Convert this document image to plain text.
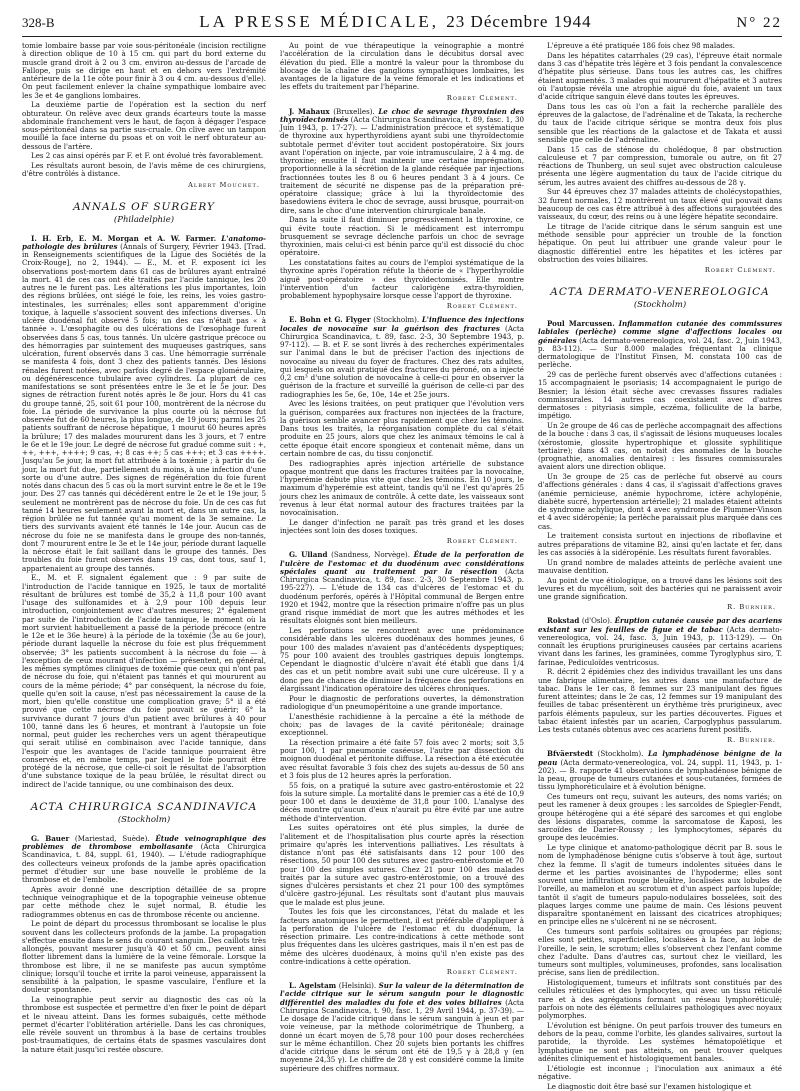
328-B	LA PRESSE MÉDICALE, 23 Décembre 1944	N° 22

tomie lombaire basse par voie sous-péritonéale (incision rectiligne à direction oblique de 10 à 15 cm. qui part du bord externe du muscle grand droit à 2 ou 3 cm. environ au-dessus de l'arcade de Fallope, puis se dirige en haut et en dehors vers l'extrémité antérieure de la 11e côte pour finir à 3 ou 4 cm. au-dessous d'elle). On peut facilement enlever la chaîne sympathique lombaire avec les 3e et 4e ganglions lombaires.

La deuxième partie de l'opération est la section du nerf obturateur. On relève avec deux grands écarteurs toute la masse abdominale franchement vers le haut, de façon à dégager l'espace sous-péritonéal dans sa partie sus-cruale. On clive avec un tampon mouillé la face interne du psoas et on voit le nerf obturateur au-dessous de l'artère.

Les 2 cas ainsi opérés par F. et F. ont évolué très favorablement.

Les résultats auront besoin, de l'avis même de ces chirurgiens, d'être contrôlés à distance.

Albert Mouchet.
ANNALS OF SURGERY
(Philadelphie)

I. H. Erb, E. M. Morgan et A. W. Farmer. L'anatomo-pathologie des brûlures (Annals of Surgery, Février 1943. [Trad. in Renseignements scientifiques de la Ligue des Sociétés de la Croix-Rouge], no 2, 1944). — E., M. et F. exposent ici les observations post-mortem dans 61 cas de brûlures ayant entraîné la mort. 41 de ces cas ont été traités par l'acide tannique, les 20 autres ne le furent pas. Les altérations les plus importantes, loin des régions brûlées, ont siégé le foie, les reins, les voies gastro-intestinales, les surrénales; elles sont apparemment d'origine toxique, à laquelle s'associent souvent des infections diverses. Un ulcère duodénal fut observé 5 fois; un des cas n'était pas « à tannée ». L'œsophagite ou des ulcérations de l'œsophage furent observées dans 5 cas, tous tannés. Un ulcère gastrique précoce ou des hémorragies par suintement des muqueuses gastriques, sans ulcération, furent observés dans 3 cas. Une hémorragie surrénale se manifesta 4 fois, dont 3 chez des patients tannés. Des lésions rénales furent notées, avec parfois degré de l'espace glomérulaire, ou dégénérescence tubulaire avec cylindres. La plupart de ces manifestations se sont présentées entre le 3e et le 5e jour. Des signes de rétraction furent notés après le 8e jour. Hors du 41 cas du groupe tanné, 25, soit 61 pour 100, montrèrent de la nécrose du foie. La période de survivance la plus courte où la nécrose fut observée fut de 60 heures, la plus longue, de 19 jours; parmi les 25 patients souffrant de nécrose hépatique, 1 mourut 60 heures après la brûlure; 17 des malades moururent dans les 3 jours, et 7 entre le 6e et le 19e jour. Le degré de nécrose fut gradué comme suit : +, ++, +++, ++++; 9 cas, +; 8 cas ++; 5 cas +++; et 3 cas ++++. Jusqu'au 5e jour, la mort fut attribuée à la toxémie ; à partir du 6e jour, la mort fut due, partiellement du moins, à une infection d'une sorte ou d'une autre. Des signes de régénération du foie furent notés dans chacun des 5 cas où la mort survint entre le 8e et le 19e jour. Des 27 cas tannés qui décédèrent entre le 2e et le 19e jour, 5 seulement ne montrèrent pas de nécrose du foie. Un de ces cas fut tanné 14 heures seulement avant la mort et, dans un autre cas, la région brûlée ne fut tannée qu'au moment de la 3e semaine. Le tiers des survivants avaient été tannés le 14e jour. Aucun cas de nécrose du foie ne se manifesta dans le groupe des non-tannés, dont 7 moururent entre le 3e et le 14e jour, période durant laquelle la nécrose était le fait saillant dans le groupe des tannés. Des troubles du foie furent observés dans 19 cas, dont tous, sauf 1, appartenaient au groupe des tannés.

E., M. et F. signalent également que : 9 par suite de l'introduction de l'acide tannique en 1925, le taux de mortalité résultant de brûlures est tombé de 35,2 à 11,8 pour 100 avant l'usage des sulfonamides et à 2,9 pour 100 depuis leur introduction, conjointement avec d'autres mesures; 2° également par suite de l'introduction de l'acide tannique, le moment où la mort survient habituellement a passé de la période précoce (entre le 12e et le 36e heure) à la période de la toxémie (3e au 6e jour), période durant laquelle la nécrose du foie est plus fréquemment observée; 3° les patients succombent à la nécrose du foie — à l'exception de ceux mourant d'infection — présentent, en général, les mêmes symptômes cliniques de toxémie que ceux qui n'ont pas de nécrose du foie, qui n'étaient pas tannés et qui moururent au cours de la même période; 4° par conséquent, la nécrose du foie, quelle qu'en soit la cause, n'est pas nécessairement la cause de la mort, bien qu'elle constitue une complication grave; 5° il a été prouvé que cette nécrose du foie pouvait se guérir; 6° la survivance durant 7 jours d'un patient avec brûlures à 40 pour 100, tanné dans les 6 heures, et montrant à l'autopsie un foie normal, peut guider les recherches vers un agent thérapeutique qui serait utilisé en combinaison avec l'acide tannique, dans l'espoir que les avantages de l'acide tannique pourraient être conservés et, en même temps, par lequel le foie pourrait être protégé de la nécrose, que celle-ci soit le résultat de l'absorption d'une substance toxique de la peau brûlée, le résultat direct ou indirect de l'acide tannique, ou une combinaison des deux.

ACTA CHIRURGICA SCANDINAVICA
(Stockholm)

G. Bauer (Mariestad, Suède). Étude veinographique des problèmes de thrombose emboliasante (Acta Chirurgica Scandinavica, t. 84, suppl. 61, 1940). — L'étude radiographique des collecteurs veineux profonds de la jambe après opacification permet d'étudier sur une base nouvelle le problème de la thrombose et de l'embolie.

Après avoir donné une description détaillée de sa propre technique veinographique et de la topographie veineuse obtenue par cette méthode chez le sujet normal, B. étudie les radiogrammes obtenus en cas de thrombose récente ou ancienne.

Le point de départ du processus thrombosant se localise le plus souvent dans les collecteurs profonds de la jambe. La propagation s'effectue ensuite dans le sens du courant sanguin. Des caillots très allongés, pouvant mesurer jusqu'à 40 et 50 cm., peuvent ainsi flotter librement dans la lumière de la veine fémorale. Lorsque la thrombose est libre, il ne se manifeste pas aucun symptôme clinique; lorsqu'il touche et irrite la paroi veineuse, apparaissent la sensibilité à la palpation, le spasme vasculaire, l'enflure et la douleur spontanée.

La veinographie peut servir au diagnostic des cas où la thrombose est suspectée et permettre d'en fixer le point de départ et le niveau atteint. Dans les formes subaiguës, cette méthode permet d'écarter l'oblitération artérielle. Dans les cas chroniques, elle révèle souvent un thrombus à la base de certains troubles post-traumatiques, de certains états de spasmes vasculaires dont la nature était jusqu'ici restée obscure.

Au point de vue thérapeutique la veinographie a montré l'accélération de la circulation dans le décubitus dorsal avec élévation du pied. Elle a montré la valeur pour la thrombose du blocage de la chaîne des ganglions sympathiques lombaires, les avantages de la ligature de la veine fémorale et les indications et les effets du traitement par l'héparine.

Robert Clément.

J. Mahaux (Bruxelles). Le choc de sevrage thyroxinien des thyroïdectomisés (Acta Chirurgica Scandinavica, t. 89, fasc. 1, 30 Juin 1943, p. 17-27). — L'administration précoce et systématique de thyroxine aux hyperthyroïdiens ayant subi une thyroïdectomie subtotale permet d'éviter tout accident postopératoire. Six jours avant l'opération on injecte, par voie intramusculaire, 2 à 4 mg. de thyroxine; ensuite il faut maintenir une certaine imprégnation, proportionnelle à la sécrétion de la glande réséquée par injections fractionnées toutes les 8 ou 6 heures pendant 3 à 4 jours. Ce traitement de sécurité ne dispense pas de la préparation pré-opératoire classique; grâce à lui la thyroïdectomie des basedowiens évitera le choc de sevrage, aussi brusque, pourrait-on dire, sans le choc d'une intervention chirurgicale banale.

Dans la suite il faut diminuer progressivement la thyroxine, ce qui évite toute réaction. Si le médicament est interrompu brusquement se sevrage déclenche parfois un choc de sevrage thyroxinien, mais celui-ci est bénin parce qu'il est dissocié du choc opératoire.

Les constatations faites au cours de l'emploi systématique de la thyroxine après l'opération réfute la théorie de « l'hyperthyroïdie aiguë post-opératoire » des thyroïdectomisés. Elle montre l'intervention d'un facteur calorigène extra-thyroïdien, probablement hypophysaire lorsque cesse l'apport de thyroxine.

Robert Clément.

E. Bohn et G. Flyger (Stockholm). L'influence des injections locales de novocaïne sur la guérison des fractures (Acta Chirurgica Scandinavica, t. 89, fasc. 2-3, 30 Septembre 1943, p. 97-112). — B. et F. se sont livrés à des recherches expérimentales sur l'animal dans le but de préciser l'action des injections de novocaïne au niveau du foyer de fractures. Chez des rats adultes, qui lesquels on avait pratiqué des fractures du péroné, on a injecté 0,2 cm³ d'une solution de novocaïne à celle-ci pour en observer la guérison de la fracture et surveillé la guérison de celle-ci par des radiographies les 5e, 6e, 10e, 14e et 25e jours.

Avec les lésions traitées, on peut pratiquer que l'évolution vers la guérison, comparées aux fractures non injectées de la fracture, la guérison semble avancer plus rapidement que chez les témoins. Dans tous les traités, la réorganisation complète du cal s'était produite en 25 jours, alors que chez les animaux témoins le cal à cette époque était encore spongieux et contenait même, dans un certain nombre de cas, du tissu conjonctif.

Des radiographies après injection artérielle de substance opaque montrent que dans les fractures traitées par la novocaïne, l'hyperémie débute plus vite que chez les témoins. En 10 jours, le maximum d'hyperémie est atteint, tandis qu'il ne l'est qu'après 25 jours chez les animaux de contrôle. À cette date, les vaisseaux sont revenus à leur état normal autour des fractures traitées par la novocaïnisation.

Le danger d'infection ne paraît pas très grand et les doses injectées sont loin des doses toxiques.

Robert Clément.

G. Ulland (Sandness, Norvège). Étude de la perforation de l'ulcère de l'estomac et du duodénum avec considérations spéciales quant au traitement par la résection (Acta Chirurgica Scandinavica, t. 89, fasc. 2-3, 30 Septembre 1943, p. 195-227). — L'étude de 134 cas d'ulcères de l'estomac et du duodénum perforés, opérés à l'Hôpital communal de Bergen entre 1920 et 1942, montre que la résection primaire n'offre pas un plus grand risque immédiat de mort que les autres méthodes et les résultats éloignés sont bien meilleurs.

Les perforations se rencontrent avec une prédominance considérable dans les ulcères duodénaux des hommes jeunes, 6 pour 100 des malades n'avaient pas d'antécédents dyspeptiques; 75 pour 100 avaient des troubles gastriques depuis longtemps. Cependant le diagnostic d'ulcère n'avait été établi que dans 1/4 des cas et un petit nombre avait subi une cure ulcéreuse. Il y a donc peu de chances de diminuer la fréquence des perforations en élargissant l'indication opératoire des ulcères chroniques.

Pour le diagnostic de perforations ouvertes, la démonstration radiologique d'un pneumopéritoine a une grande importance.

L'anesthésie rachidienne à la percaïne a été la méthode de choix; pas de lavages de la cavité péritonéale; drainage exceptionnel.

La résection primaire a été faite 57 fois avec 2 morts; soit 3,5 pour 100, 1 par pneumonie caséeuse, l'autre par dissection du moignon duodénal et péritonite diffuse. La résection a été exécutée avec résultat favorable 3 fois chez des sujets au-dessus de 50 ans et 3 fois plus de 12 heures après la perforation.

55 fois, on a pratiqué la suture avec gastro-entérostomie et 22 fois la suture simple. La mortalité dans le premier cas a été de 10,9 pour 100 et dans le deuxième de 31,8 pour 100. L'analyse des décès montre qu'aucun d'eux n'aurait pu être évité par une autre méthode d'intervention.

Les suites opératoires ont été plus simples, la durée de l'alitement et de l'hospitalisation plus courte après la résection primaire qu'après les interventions palliatives. Les résultats à distance n'ont pas été satisfaisants dans 12 pour 100 des résections, 50 pour 100 des sutures avec gastro-entérostomie et 70 pour 100 des simples sutures. Chez 21 pour 100 des malades traités par la suture avec gastro-entérostomie, on a trouvé des signes d'ulcères persistants et chez 21 pour 100 des symptômes d'ulcère gastro-jéjunal. Les résultats sont d'autant plus mauvais que le malade est plus jeune.

Toutes les fois que les circonstances, l'état du malade et les facteurs anatomiques le permettent, il est préférable d'appliquer à la perforation de l'ulcère de l'estomac et du duodénum, la résection primaire. Les contre-indications à cette méthode sont plus fréquentes dans les ulcères gastriques, mais il n'en est pas de même des ulcères duodénaux, à moins qu'il n'en existe pas des contre-indications à cette opération.

Robert Clément.

L. Agelstam (Helsinki). Sur la valeur de la détermination de l'acide citrique sur le sérum sanguin pour le diagnostic différentiel des maladies du foie et des voies biliaires (Acta Chirurgica Scandinavica, t. 90, fasc. 1, 29 Avril 1944, p. 37-39). — Le dosage de l'acide citrique dans le sérum sanguin à jeun et par voie veineuse, par la méthode colorimétrique de Thunberg, a donné un écart moyen de 5,78 pour 100 pour doses recherchées sur le même échantillon. Chez 20 sujets bien portants les chiffres d'acide citrique dans le sérum ont été de 19,5 γ à 28,8 γ (en moyenne 24,35 γ). Le chiffre de 28 γ est considéré comme la limite supérieure des chiffres normaux.

L'épreuve a été pratiquée 186 fois chez 98 malades.

Dans les hépatites catarrhales (29 cas), l'épreuve était normale dans 3 cas d'hépatite très légère et 3 fois pendant la convalescence d'hépatite plus sérieuse. Dans tous les autres cas, les chiffres étaient augmentés. 3 malades qui moururent d'hépatite et 3 autres où l'autopsie révéla une atrophie aiguë du foie, avaient un taux d'acide citrique sanguin élevé dans toutes les épreuves.

Dans tous les cas où l'on a fait la recherche parallèle des épreuves de la galactose, de l'adrénaline et de Takata, la recherche du taux de l'acide citrique sérique se montra deux fois plus sensible que les réactions de la galactose et de Takata et aussi sensible que celle de l'adrénaline.

Dans 15 cas de sténose du cholédoque, 8 par obstruction calculeuse et 7 par compression, tumorale ou autre, on fit 27 réactions de Thunberg, un seul sujet avec obstruction calculeuse présenta une légère augmentation du taux de l'acide citrique du sérum, les autres avaient des chiffres au-dessous de 28 γ.

Sur 44 épreuves chez 37 malades atteints de cholécystopathies, 32 furent normales, 12 montrèrent un taux élevé qui pouvait dans beaucoup de ces cas être attribué à des affections surajoutées des vaisseaux, du cœur, des reins ou à une légère hépatite secondaire.

Le titrage de l'acide citrique dans le sérum sanguin est une méthode sensible pour apprécier un trouble de la fonction hépatique. On peut lui attribuer une grande valeur pour le diagnostic différentiel entre les hépatites et les ictères par obstruction des voies biliaires.

Robert Clément.
ACTA DERMATO-VENEREOLOGICA
(Stockholm)

Poul Marcussen. Inflammation cutanée des commissures labiales (perlèche) comme signe d'affections locales ou générales (Acta dermato-venereologica, vol. 24, fasc. 2, Juin 1943, p. 83-112). — Sur 8.000 malades fréquentant la clinique dermatologique de l'Institut Finsen, M. constata 100 cas de perlèche.

29 cas de perlèche furent observés avec d'affections cutanées : 15 accompagnaient le psoriasis; 14 accompagnaient le purigo de Besnier; la lésion était sèche avec crevasses fissures radiales commissurales. 14 autres cas coexistaient avec d'autres dermatoses : pityriasis simple, eczéma, folliculite de la barbe, impétigo.

Un 2e groupe de 46 cas de perlèche accompagnait des affections de la bouche : dans 3 cas, il s'agissait de lésions muqueuses locales (xérostomie, glossite hypertrophique et glossite syphilitique tertiaire); dans 43 cas, on notait des anomalies de la bouche (prognathie, anomalies dentaires) : les fissures commissurales avaient alors une direction oblique.

Un 3e groupe de 25 cas de perlèche fut observé au cours d'affections générales : dans 4 cas, il s'agissait d'affections graves (anémie pernicieuse, anémie hypochrome, ictère achylopénie, diabète sucré, hypertension artérielle); 21 malades étaient atteints de syndrome achylique, dont 4 avec syndrome de Plummer-Vinson et 4 avec sidéropénie; la perlèche paraissait plus marquée dans ces cas.

Le traitement consista surtout en injections de riboflavine et autres préparations de vitamine B2, ainsi qu'en lactate et fer, dans les cas associés à la sidéropénie. Les résultats furent favorables.

Un grand nombre de malades atteints de perlèche avaient une mauvaise dentition.

Au point de vue étiologique, on a trouvé dans les lésions soit des levures et du mycélium, soit des bactéries qui ne paraissent avoir une grande signification.

R. Burnier.

Rokstad (d'Oslo). Éruption cutanée causée par des acariens existant sur les feuilles de figue et de tabac (Acta dermato-venereologica, vol. 24, fasc. 3, Juin 1943, p. 113-129). — On connaît les éruptions prurigineuses causées par certains acariens vivant dans les farines, les graminées, comme Tyroglyphus siro, T. farinae, Pediculoïdes ventricosus.

R. décrit 2 épidémies chez des individus travaillant les uns dans une fabrique alimentaire, les autres dans une manufacture de tabac. Dans le 1er cas, 8 femmes sur 23 manipulant des figues furent atteintes; dans le 2e cas, 12 femmes sur 19 manipulant des feuilles de tabac présentèrent un érythème très prurigineux, avec parfois éléments papuleux, sur les parties découvertes. Figues et tabac étaient infestés par un acarien, Carpoglyphus passularum. Les tests cutanés obtenus avec ces acariens furent positifs.

R. Burnier.

Bfväerstedt (Stockholm). La lymphadénose bénigne de la peau (Acta dermato-venereologica, vol. 24, suppl. 11, 1943, p. 1-202). — B. rapporte 41 observations de lymphadénose bénigne de la peau, groupe de tumeurs cutanées et sous-cutanées, formées de tissu lymphoréticulaire et à évolution bénigne.

Ces tumeurs ont reçu, suivant les auteurs, des noms variés; on peut les ramener à deux groupes : les sarcoïdes de Spiegler-Fendt, groupe hétérogène qui a été séparé des sarcomes et qui englobe des lésions disparates, comme la sarcomatose de Kaposi, les sarcoïdes de Darier-Roussy ; les lymphocytomes, séparés du groupe des leucémies.

Le type clinique et anatomo-pathologique décrit par B. sous le nom de lymphadénose bénigne cutis s'observe à tout âge, surtout chez la femme. Il s'agit de tumeurs indolentes situées dans le derme et les parties avoisinantes de l'hypoderme; elles sont souvent une infiltration rouge bleuâtre, localisées aux lobules de l'oreille, au mamelon et au scrotum et d'un aspect parfois lupoïde; tantôt il s'agit de tumeurs papulo-nodulaires bosselées, soit des plaques larges comme une paume de main. Ces lésions peuvent disparaître spontanément en laissant des cicatrices atrophiques; en principe elles ne s'ulcèrent ni ne se nécrosent.

Ces tumeurs sont parfois solitaires ou groupées par régions; elles sont petites, superficielles, localisées à la face, au lobe de l'oreille, le sein, le scrotum; elles s'observent chez l'enfant comme chez l'adulte. Dans d'autres cas, surtout chez le vieillard, les tumeurs sont multiples, volumineuses, profondes, sans localisation précise, sans lien de prédilection.

Histologiquement, tumeurs et infiltrats sont constitués par des cellules réticulées et des lymphocytes, qui avec un tissu réticulé rare et à des agrégations formant un réseau lymphoréticulé; parfois on note des éléments cellulaires pathologiques avec noyaux polymorphes.

L'évolution est bénigne. On peut parfois trouver des tumeurs en dehors de la peau, comme l'orbite, les glandes salivaires, surtout la parotide, la thyroïde. Les systèmes hématopoïétique et lymphatique ne sont pas atteints, on peut trouver quelques adénites cliniquement et histologiquement banales.

L'étiologie est inconnue ; l'inoculation aux animaux a été négative.

Le diagnostic doit être basé sur l'examen histologique et
